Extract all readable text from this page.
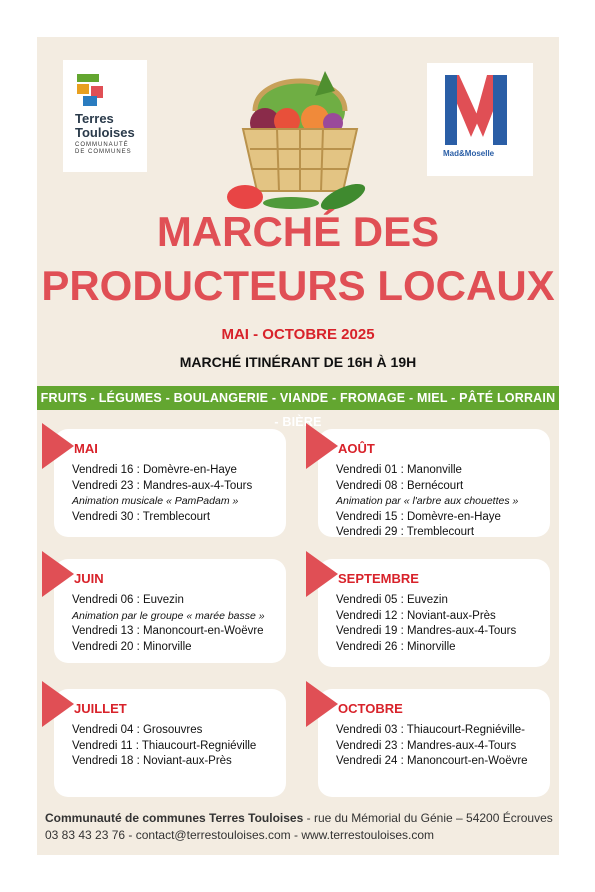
Terres
Touloises
COMMUNAUTÉ
DE COMMUNES	Mad&Moselle
MARCHÉ DES
PRODUCTEURS LOCAUX
MAI - OCTOBRE 2025
MARCHÉ ITINÉRANT DE 16H À 19H
FRUITS - LÉGUMES - BOULANGERIE - VIANDE - FROMAGE - MIEL - PÂTÉ LORRAIN - BIÈRE
MAI
Vendredi 16 : Domèvre-en-Haye
Vendredi 23 : Mandres-aux-4-Tours
Animation musicale « PamPadam »
Vendredi 30 : Tremblecourt
AOÛT
Vendredi 01 : Manonville
Vendredi 08 : Bernécourt
Animation par « l'arbre aux chouettes »
Vendredi 15 : Domèvre-en-Haye
Vendredi 29 : Tremblecourt
JUIN
Vendredi 06 : Euvezin
Animation par le groupe « marée basse »
Vendredi 13 : Manoncourt-en-Woëvre
Vendredi 20 : Minorville
SEPTEMBRE
Vendredi 05 : Euvezin
Vendredi 12 : Noviant-aux-Près
Vendredi 19 : Mandres-aux-4-Tours
Vendredi 26 : Minorville
JUILLET
Vendredi 04 : Grosouvres
Vendredi 11 : Thiaucourt-Regniéville
Vendredi 18 : Noviant-aux-Près
OCTOBRE
Vendredi 03 : Thiaucourt-Regniéville-
Vendredi 23 : Mandres-aux-4-Tours
Vendredi 24 : Manoncourt-en-Woëvre
Communauté de communes Terres Touloises - rue du Mémorial du Génie – 54200 Écrouves
03 83 43 23 76 - contact@terrestouloises.com - www.terrestouloises.com
